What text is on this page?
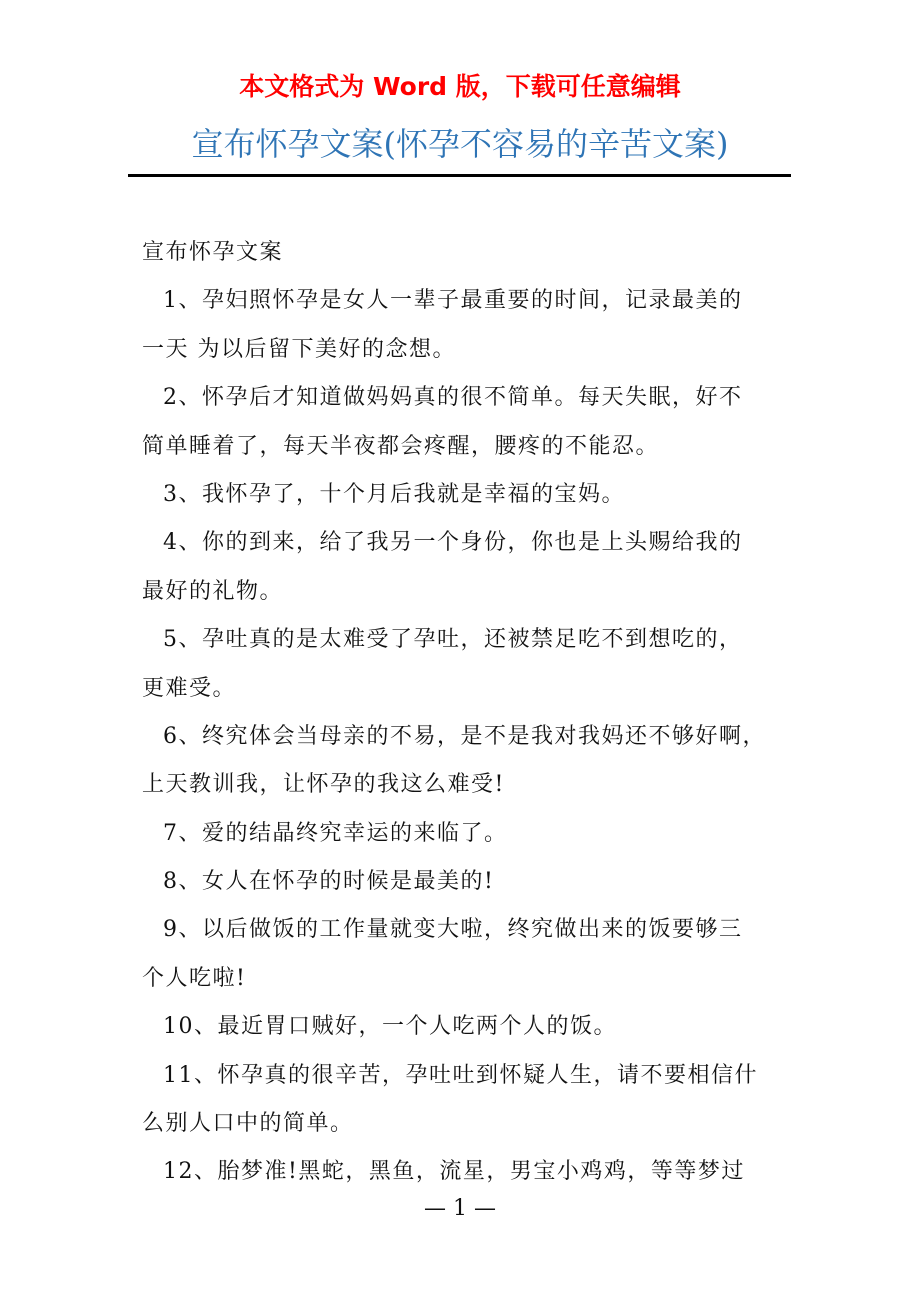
本文格式为 Word 版，下载可任意编辑
宣布怀孕文案(怀孕不容易的辛苦文案)
宣布怀孕文案
1、孕妇照怀孕是女人一辈子最重要的时间，记录最美的
一天 为以后留下美好的念想。
2、怀孕后才知道做妈妈真的很不简单。每天失眠，好不
简单睡着了，每天半夜都会疼醒，腰疼的不能忍。
3、我怀孕了，十个月后我就是幸福的宝妈。
4、你的到来，给了我另一个身份，你也是上头赐给我的
最好的礼物。
5、孕吐真的是太难受了孕吐，还被禁足吃不到想吃的，
更难受。
6、终究体会当母亲的不易，是不是我对我妈还不够好啊，
上天教训我，让怀孕的我这么难受!
7、爱的结晶终究幸运的来临了。
8、女人在怀孕的时候是最美的!
9、以后做饭的工作量就变大啦，终究做出来的饭要够三
个人吃啦!
10、最近胃口贼好，一个人吃两个人的饭。
11、怀孕真的很辛苦，孕吐吐到怀疑人生，请不要相信什
么别人口中的简单。
12、胎梦准!黑蛇，黑鱼，流星，男宝小鸡鸡，等等梦过
— 1 —
